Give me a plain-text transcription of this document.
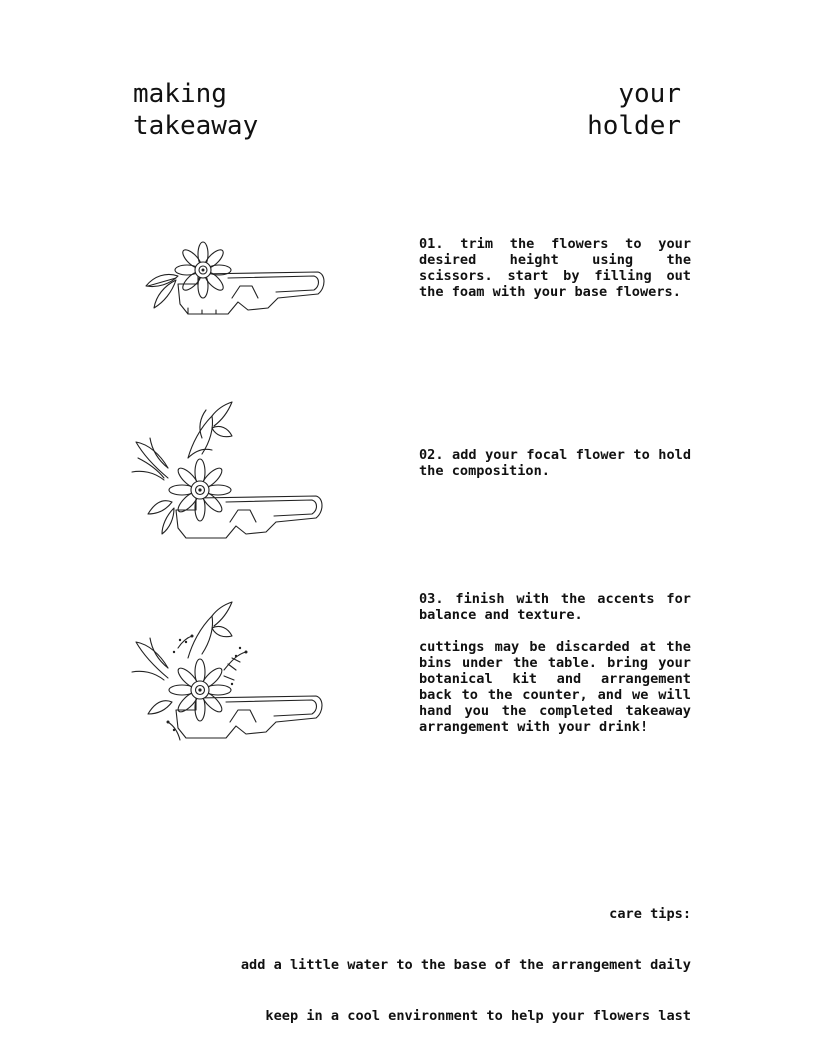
making
takeaway
your
holder

01. trim the flowers to your desired height using the scissors. start by filling out the foam with your base flowers.

02. add your focal flower to hold the composition.

03. finish with the accents for balance and texture.

cuttings may be discarded at the bins under the table. bring your botanical kit and arrangement back to the counter, and we will hand you the completed takeaway arrangement with your drink!

care tips:

add a little water to the base of the arrangement daily

keep in a cool environment to help your flowers last
